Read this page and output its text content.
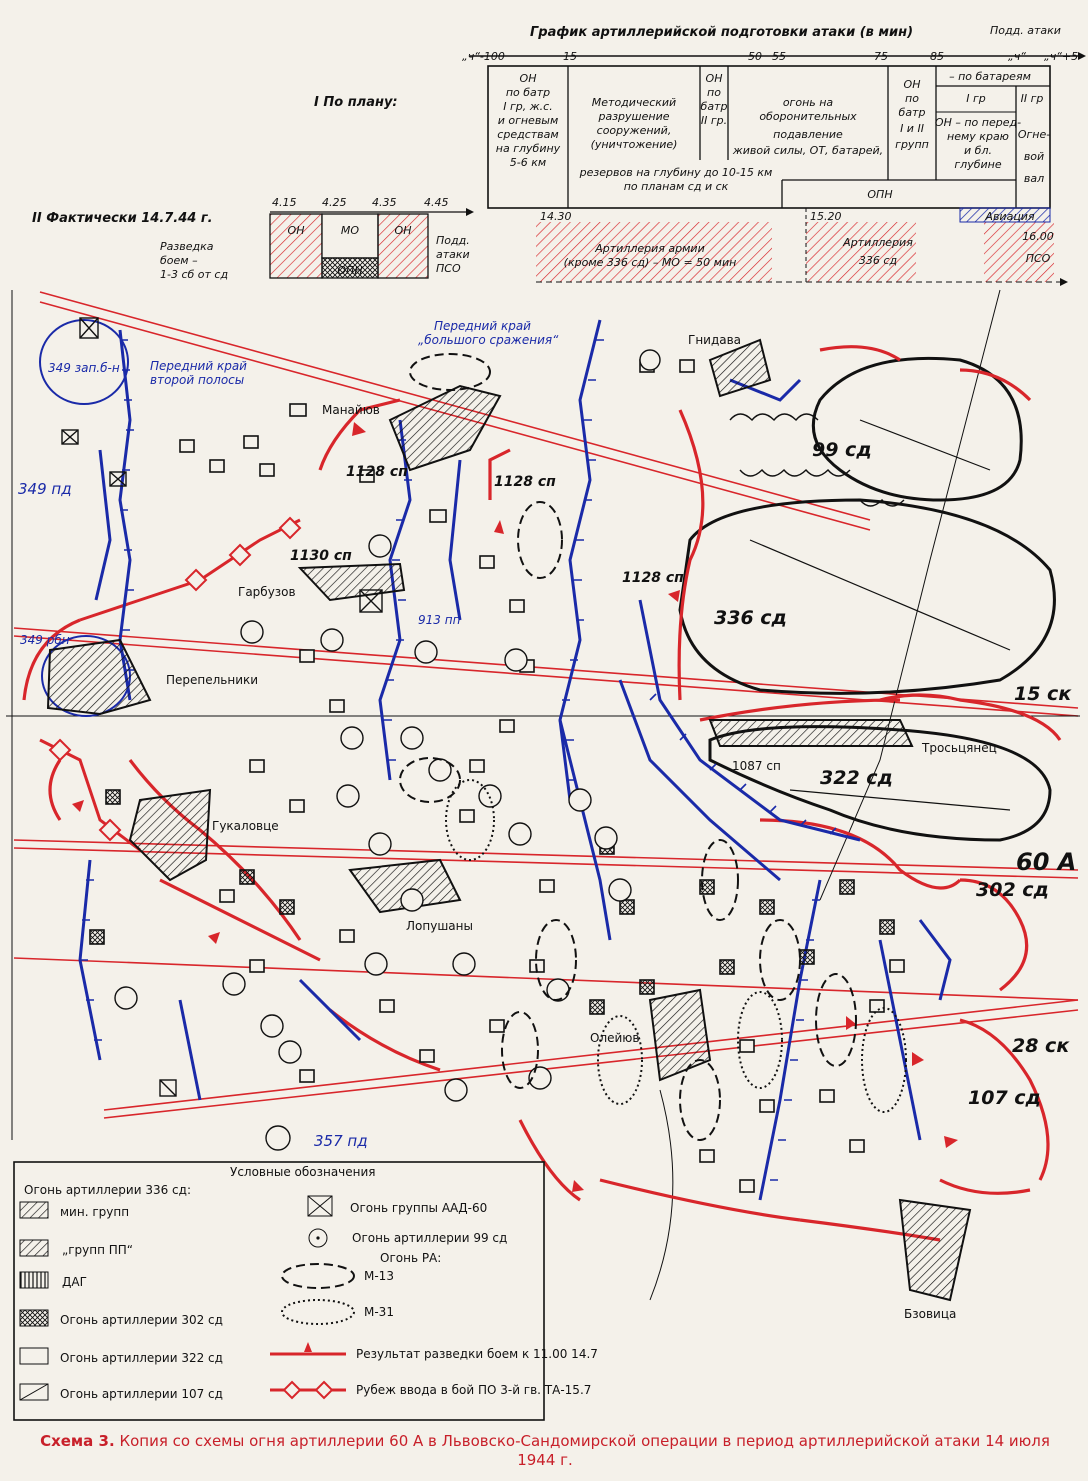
График артиллерийской подготовки атаки (в мин)	Подд. атаки
„ч“-100	15	50 55	75	85	„ч“ „ч“+5
I По плану:
ОН
по батр
I гр, ж.с.
и огневым
средствам
на глубину
5-6 км
Методический
разрушение
сооружений,
(уничтожение)
резервов на глубину до 10-15 км
по планам сд и ск
ОН
по
батр
II гр.
огонь на
оборонительных
подавление
живой силы, ОТ, батарей,
ОН
по
батр
I и II
групп
– по батареям
I гр
ОН – по перед-
нему краю
и бл.
глубине
II гр
Огне-
вой
вал
ОПН
14.30
Артиллерия армии
(кроме 336 сд) – МО = 50 мин
15.20
Артиллерия
336 сд
Авиация
16.00
ПСО
II Фактически 14.7.44 г.
4.15 4.25 4.35	4.45
ОН	МО	ОН
ОПН
Подд.
атаки
ПСО
Разведка
боем –
1-3 сб от сд
Гнидава
Манайюв
Гарбузов
Перепельники
Гукаловце
Тросьцянец
Лопушаны
Олейюв
Бзовица
99 сд
336 сд
15 ск
322 сд
60 А
302 сд
28 ск
107 сд
1128 сп
1128 сп
1128 сп
1130 сп
1087 сп
349 пд
349 зап.б-н
349 рбн
913 пп
357 пд
Передний край
второй полосы
Передний край
„большого сражения“
Условные обозначения
Огонь артиллерии 336 сд:
мин. групп
„групп ПП“
ДАГ
Огонь артиллерии 302 сд
Огонь артиллерии 322 сд
Огонь артиллерии 107 сд
Огонь группы ААД-60
Огонь артиллерии 99 сд
Огонь РА:
М-13
М-31
Результат разведки боем к 11.00 14.7
Рубеж ввода в бой ПО 3-й гв. ТА-15.7
Схема 3. Копия со схемы огня артиллерии 60 А в Львовско-Сандомирской операции в период артиллерийской атаки 14 июля 1944 г.
